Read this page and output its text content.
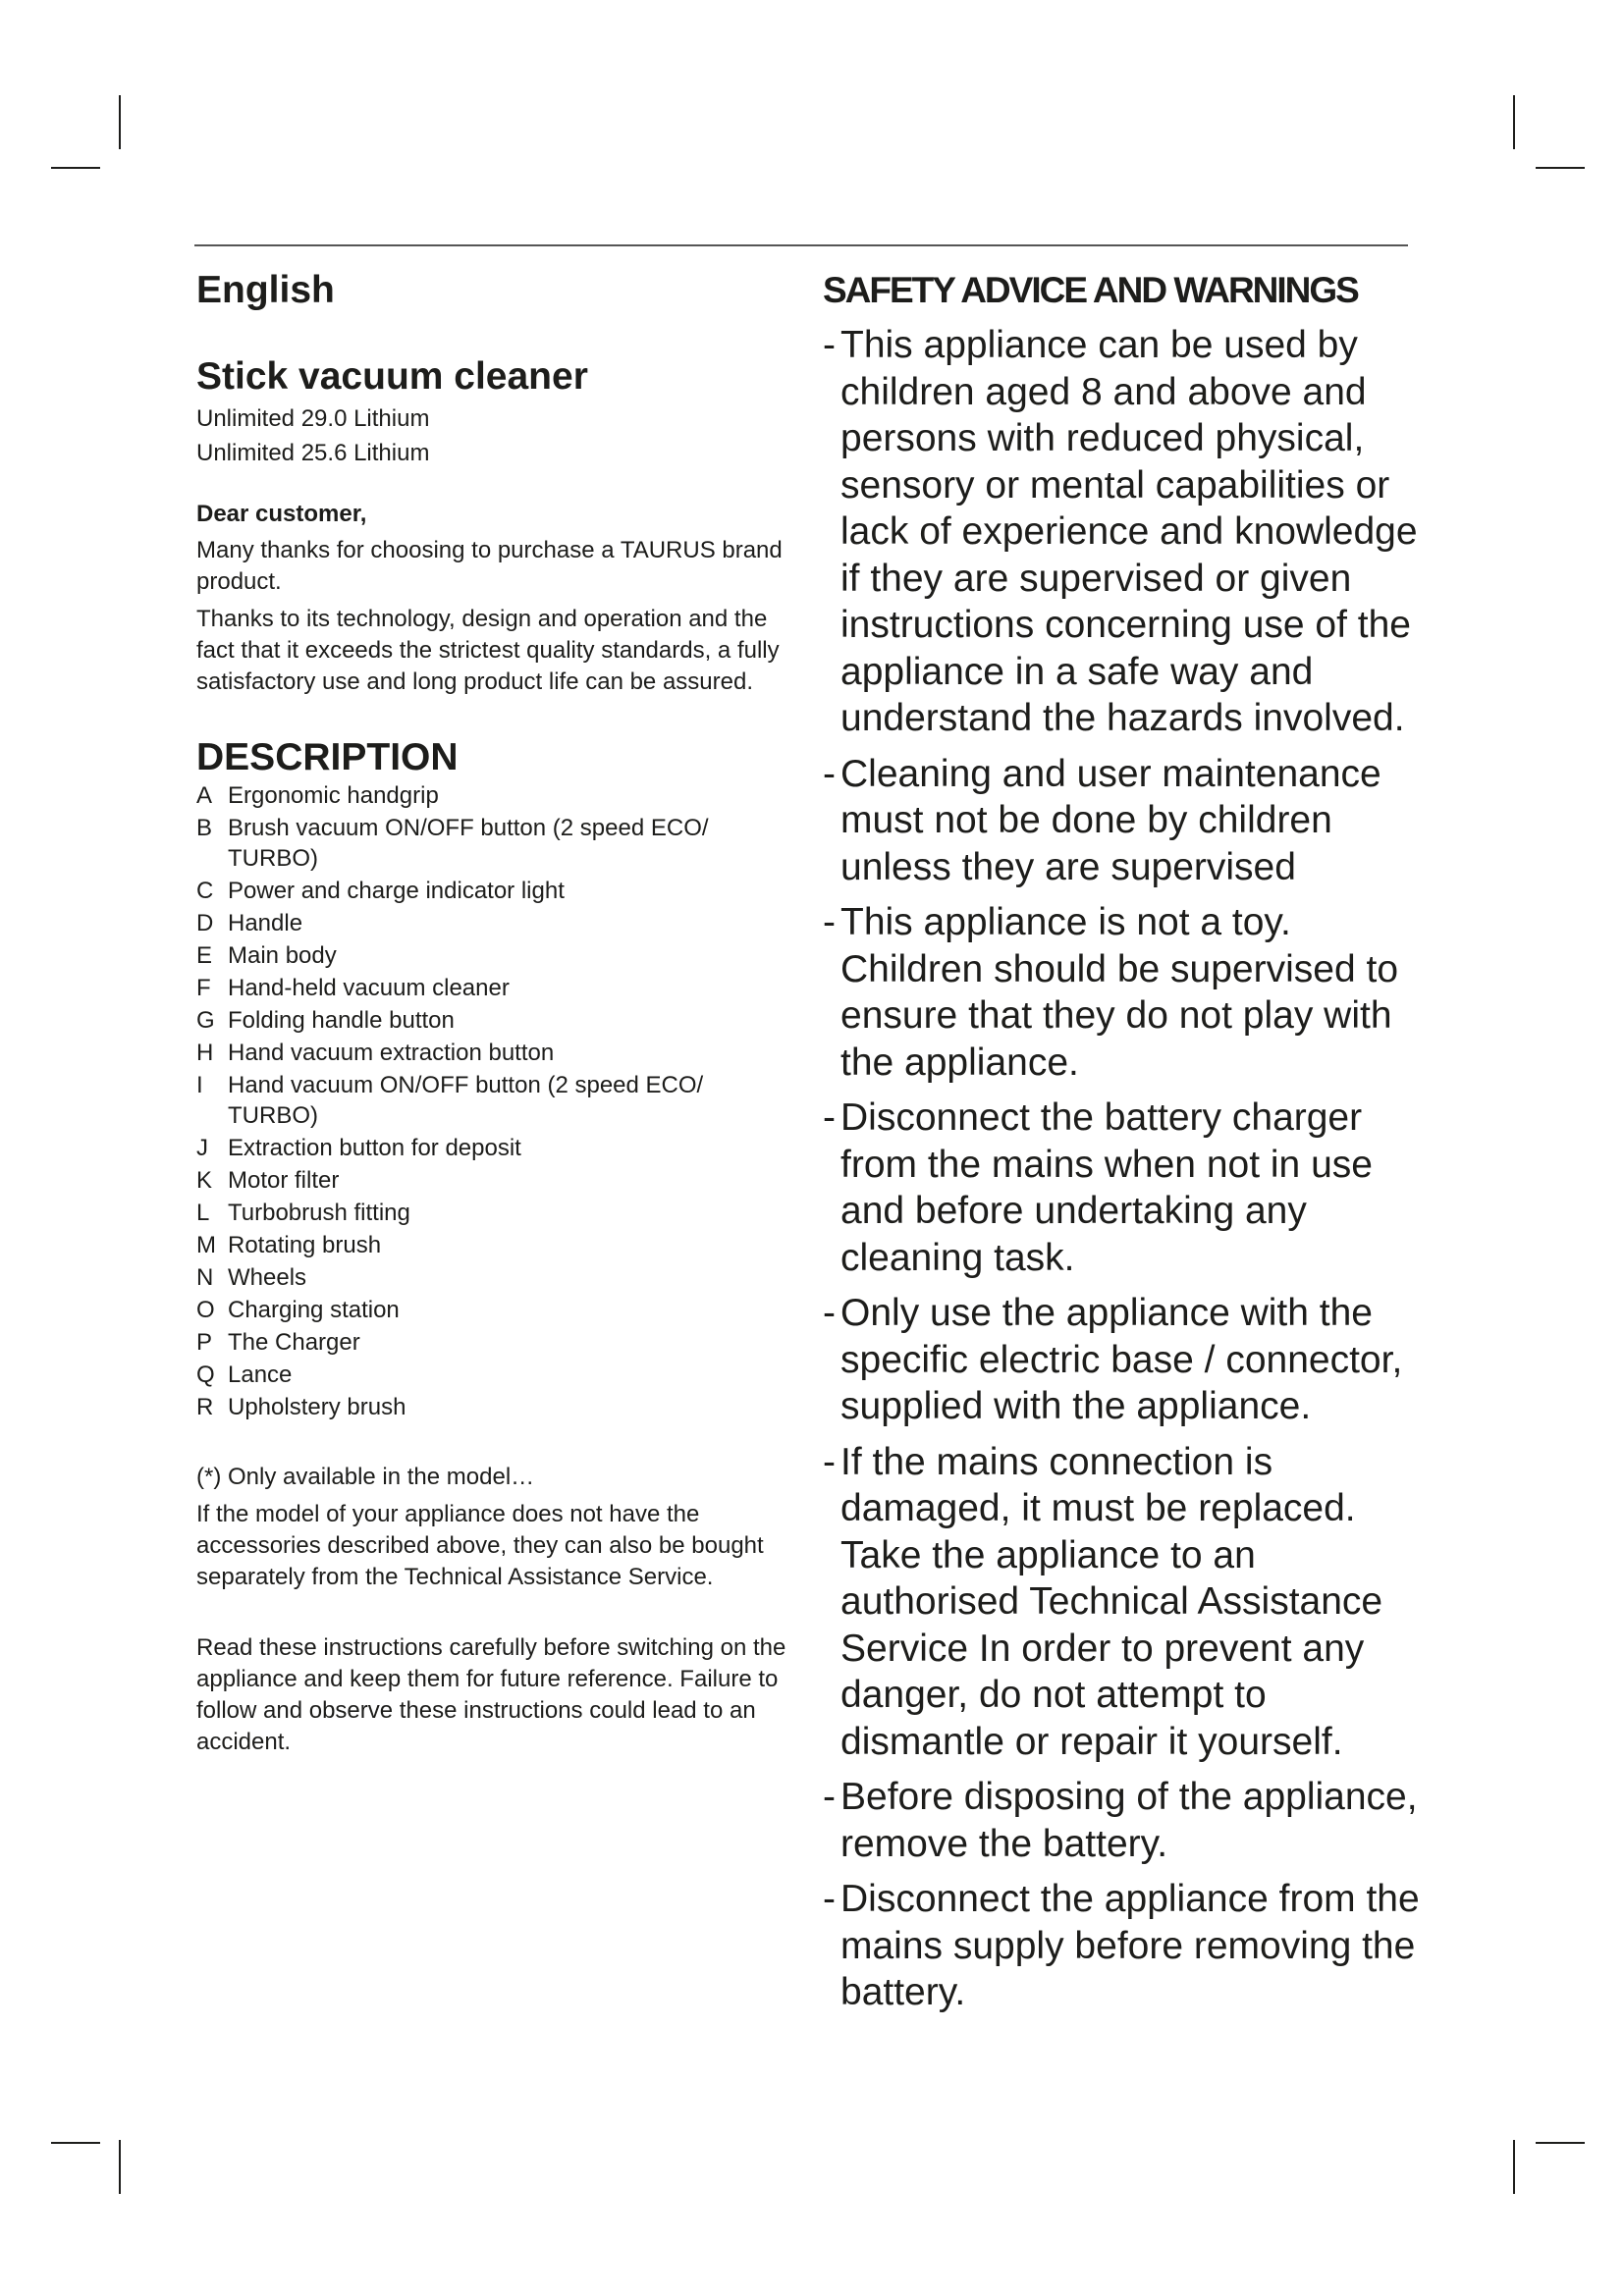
English
Stick vacuum cleaner

Unlimited 29.0 Lithium

Unlimited 25.6 Lithium

Dear customer,

Many thanks for choosing to purchase a TAURUS brand product.

Thanks to its technology, design and operation and the fact that it exceeds the strictest quality standards, a fully satisfactory use and long product life can be assured.

DESCRIPTION
A Ergonomic handgrip
B Brush vacuum ON/OFF button (2 speed ECO/ TURBO)
C Power and charge indicator light
D Handle
E Main body
F Hand-held vacuum cleaner
G Folding handle button
H Hand vacuum extraction button
I	Hand vacuum ON/OFF button (2 speed ECO/ TURBO)
J Extraction button for deposit
K Motor filter
L Turbobrush fitting
M Rotating brush
N Wheels
O Charging station
P The Charger
Q Lance
R Upholstery brush

(*) Only available in the model…

If the model of your appliance does not have the accessories described above, they can also be bought separately from the Technical Assistance Service.

Read these instructions carefully before switching on the appliance and keep them for future reference. Failure to follow and observe these instructions could lead to an accident.

SAFETY ADVICE AND WARNINGS
- This appliance can be used by children aged 8 and above and persons with reduced physical, sensory or mental capabilities or lack of experience and knowledge if they are supervised or given instructions concerning use of the appliance in a safe way and understand the hazards involved.
- Cleaning and user maintenance must not be done by children unless they are supervised
- This appliance is not a toy. Children should be supervised to ensure that they do not play with the appliance.
- Disconnect the battery charger from the mains when not in use and before undertaking any cleaning task.
- Only use the appliance with the specific electric base / connector, supplied with the appliance.
- If the mains connection is damaged, it must be replaced. Take the appliance to an authorised Technical Assistance Service In order to prevent any danger, do not attempt to dismantle or repair it yourself.
- Before disposing of the appliance, remove the battery.
- Disconnect the appliance from the mains supply before removing the battery.
